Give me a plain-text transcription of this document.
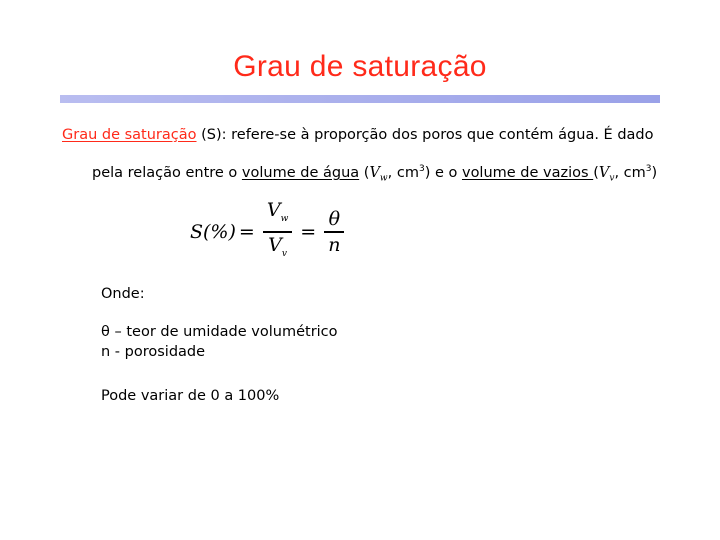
Grau de saturação
Grau de saturação (S): refere-se à proporção dos poros que contém água. É dado
pela relação entre o volume de água ($V_w$, $cm^3$) e o volume de vazios ($V_v$, $cm^3$)
$S(\%) = \frac{V_w}{V_v} = \frac{\theta}{n}$
Onde:
θ – teor de umidade volumétrico
n - porosidade
Pode variar de 0 a 100%
